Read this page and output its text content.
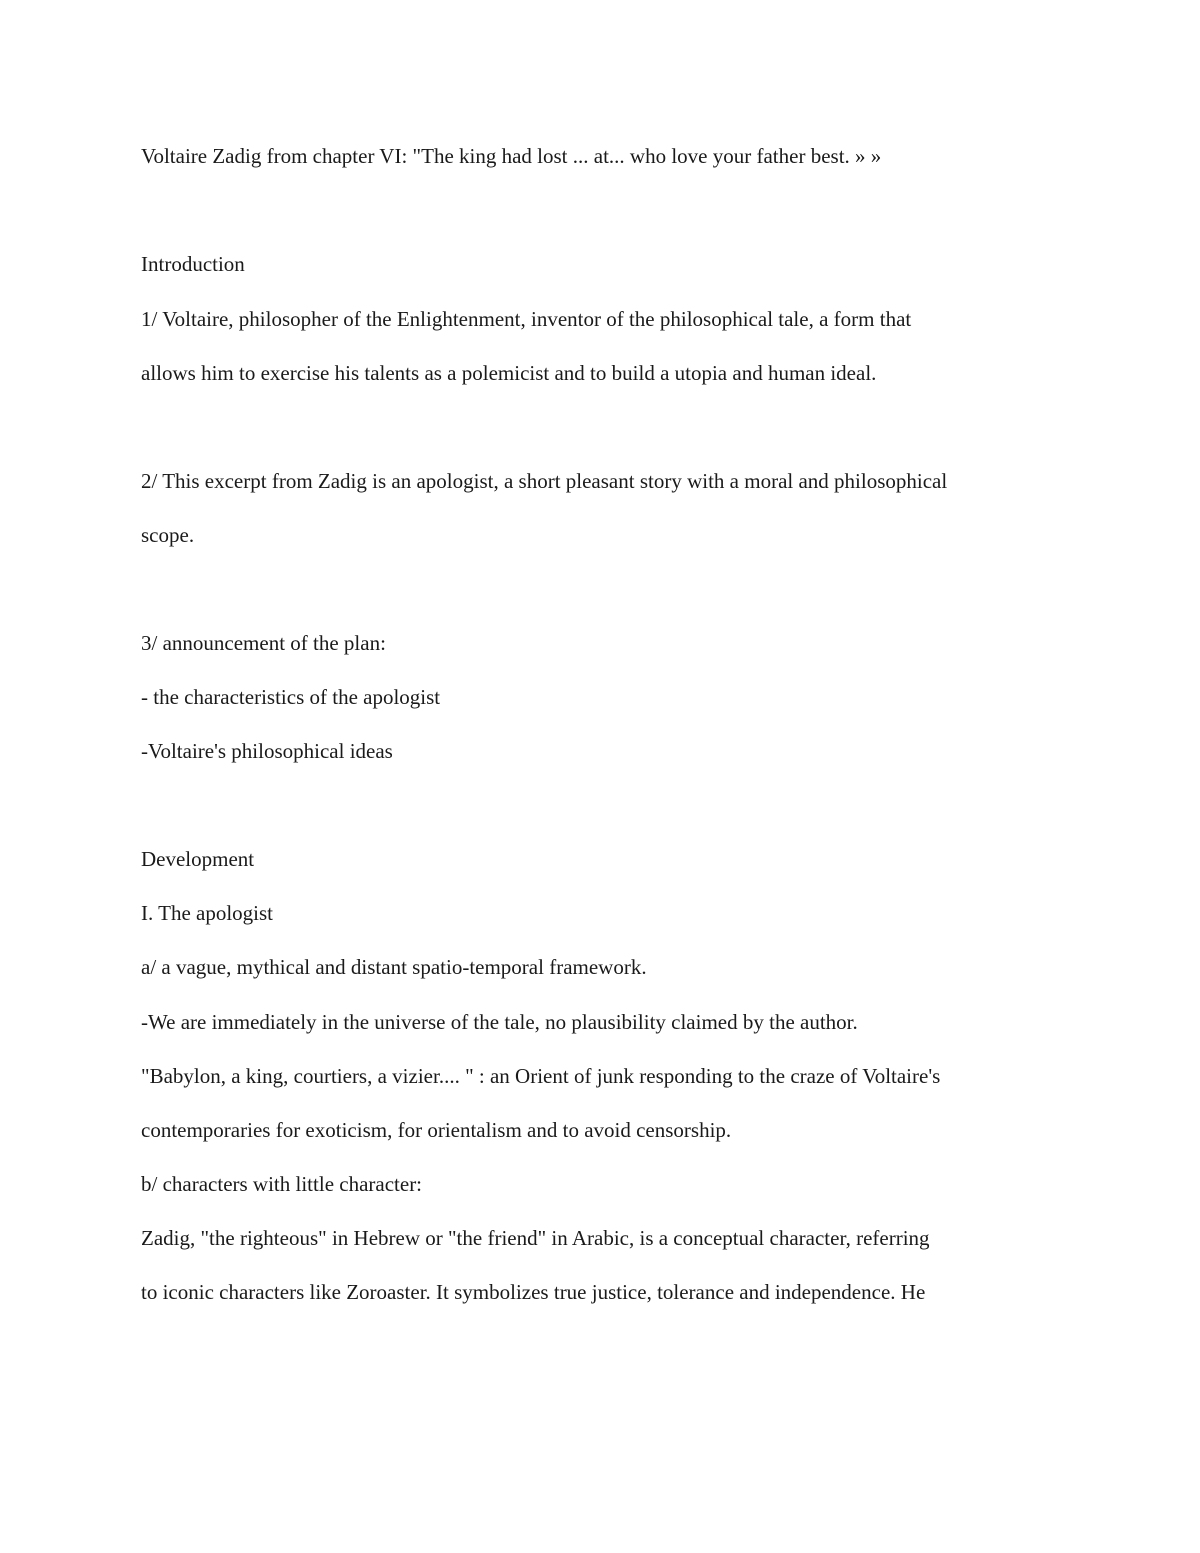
Voltaire Zadig from chapter VI: "The king had lost ... at... who love your father best. » »

Introduction

1/ Voltaire, philosopher of the Enlightenment, inventor of the philosophical tale, a form that

allows him to exercise his talents as a polemicist and to build a utopia and human ideal.

2/ This excerpt from Zadig is an apologist, a short pleasant story with a moral and philosophical

scope.

3/ announcement of the plan:

- the characteristics of the apologist

-Voltaire's philosophical ideas

Development

I. The apologist

a/ a vague, mythical and distant spatio-temporal framework.

-We are immediately in the universe of the tale, no plausibility claimed by the author.

"Babylon, a king, courtiers, a vizier.... " : an Orient of junk responding to the craze of Voltaire's

contemporaries for exoticism, for orientalism and to avoid censorship.

b/ characters with little character:

Zadig, "the righteous" in Hebrew or "the friend" in Arabic, is a conceptual character, referring

to iconic characters like Zoroaster. It symbolizes true justice, tolerance and independence. He
